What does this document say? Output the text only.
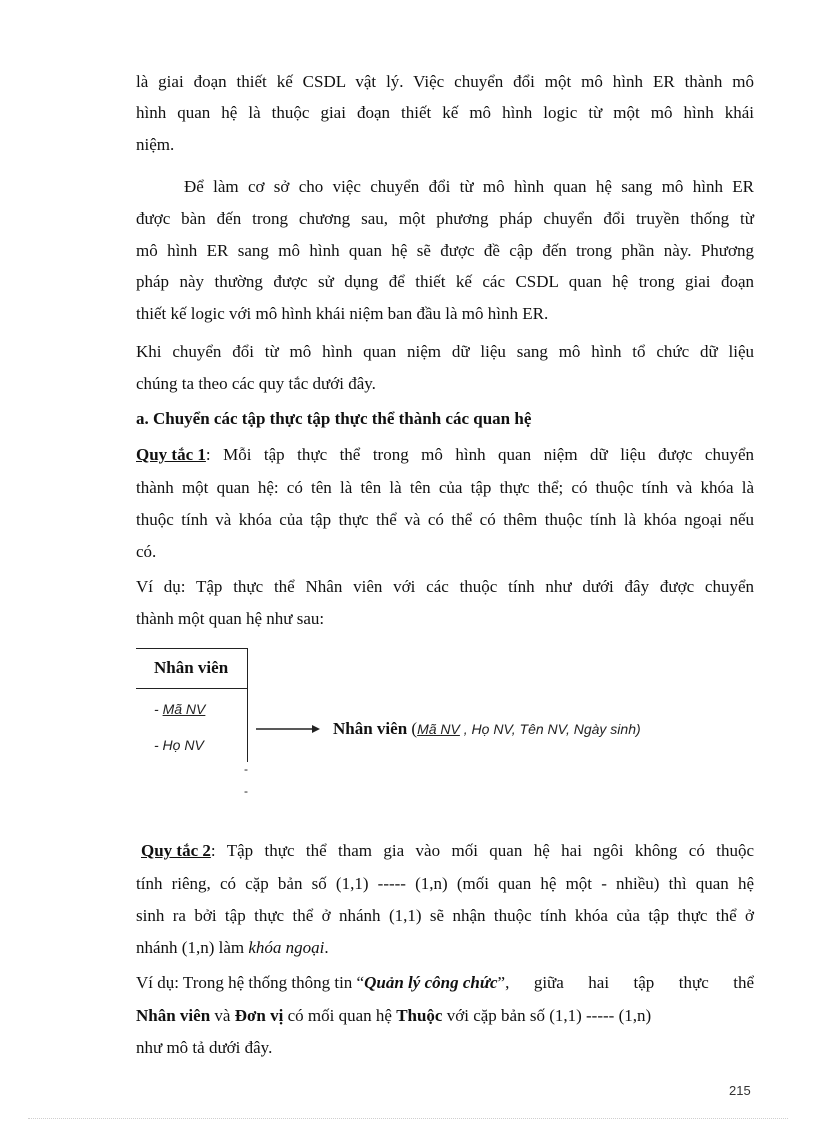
là giai đoạn thiết kế CSDL vật lý. Việc chuyển đổi một mô hình ER thành mô
hình quan hệ là thuộc giai đoạn thiết kế mô hình logic từ một mô hình khái
niệm.
Để làm cơ sở cho việc chuyển đổi từ mô hình quan hệ sang mô hình ER
được bàn đến trong chương sau, một phương pháp chuyển đổi truyền thống từ
mô hình ER sang mô hình quan hệ sẽ được đề cập đến trong phần này. Phương
pháp này thường được sử dụng để thiết kế các CSDL quan hệ trong giai đoạn
thiết kế logic với mô hình khái niệm ban đầu là mô hình ER.
Khi chuyển đổi từ mô hình quan niệm dữ liệu sang mô hình tổ chức dữ liệu
chúng ta theo các quy tắc dưới đây.
a. Chuyển các tập thực tập thực thể thành các quan hệ
Quy tắc 1 : Mỗi tập thực thể trong mô hình quan niệm dữ liệu được chuyển
thành một quan hệ: có tên là tên là tên của tập thực thể; có thuộc tính và khóa là
thuộc tính và khóa của tập thực thể và có thể có thêm thuộc tính là khóa ngoại nếu
có.
Ví dụ: Tập thực thể Nhân viên với các thuộc tính như dưới đây được chuyển
thành một quan hệ như sau:
Nhân viên
- Mã NV
- Họ NV
-
-
Nhân viên (Mã NV , Họ NV, Tên NV, Ngày sinh)
Quy tắc 2 : Tập thực thể tham gia vào mối quan hệ hai ngôi không có thuộc
tính riêng, có cặp bản số (1,1) ----- (1,n) (mối quan hệ một - nhiều) thì quan hệ
sinh ra bởi tập thực thể ở nhánh (1,1) sẽ nhận thuộc tính khóa của tập thực thể ở
nhánh (1,n) làm khóa ngoại.
Ví dụ: Trong hệ thống thông tin “ Quản lý công chức ”, giữa hai tập thực thể
Nhân viên và Đơn vị có mối quan hệ Thuộc với cặp bản số (1,1) ----- (1,n)
như mô tả dưới đây.
215
